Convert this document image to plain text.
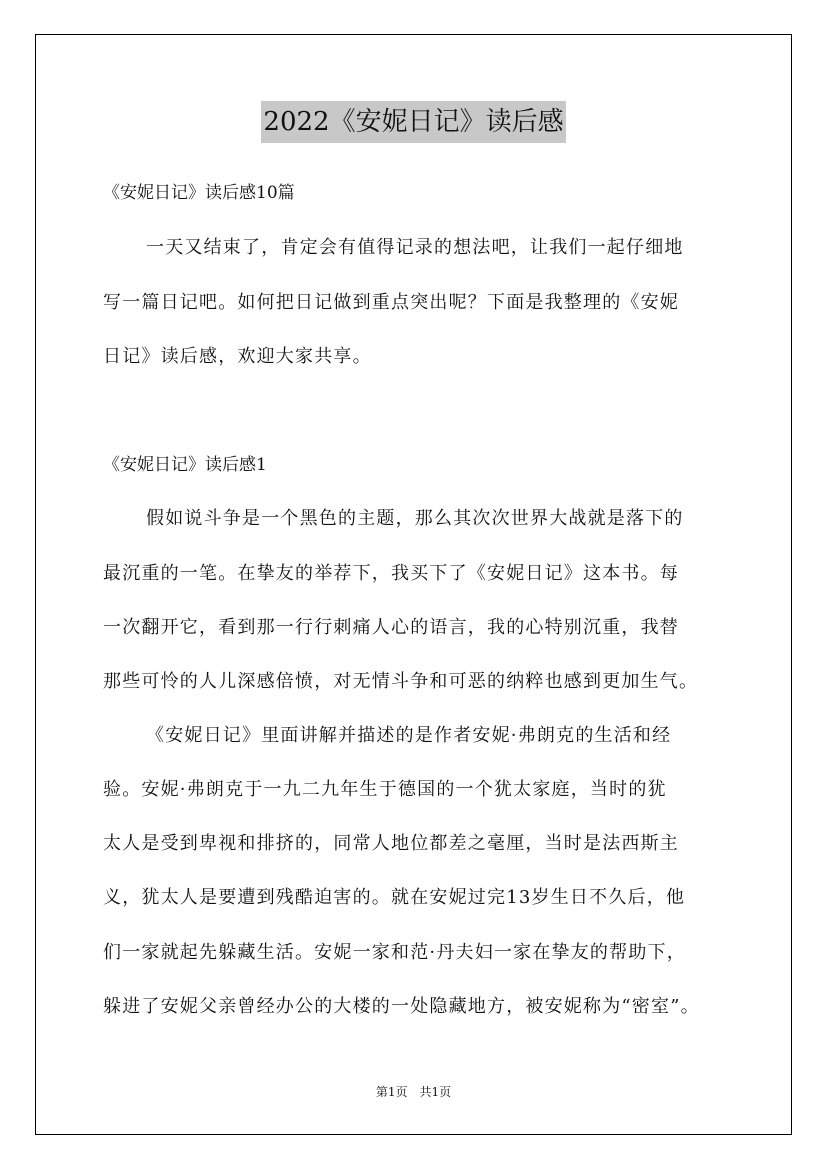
2022《安妮日记》读后感
《安妮日记》读后感10篇
一天又结束了，肯定会有值得记录的想法吧，让我们一起仔细地
写一篇日记吧。如何把日记做到重点突出呢？下面是我整理的《安妮
日记》读后感，欢迎大家共享。
《安妮日记》读后感1
假如说斗争是一个黑色的主题，那么其次次世界大战就是落下的
最沉重的一笔。在挚友的举荐下，我买下了《安妮日记》这本书。每
一次翻开它，看到那一行行刺痛人心的语言，我的心特别沉重，我替
那些可怜的人儿深感倍愤，对无情斗争和可恶的纳粹也感到更加生气。
《安妮日记》里面讲解并描述的是作者安妮·弗朗克的生活和经
验。安妮·弗朗克于一九二九年生于德国的一个犹太家庭，当时的犹
太人是受到卑视和排挤的，同常人地位都差之毫厘，当时是法西斯主
义，犹太人是要遭到残酷迫害的。就在安妮过完13岁生日不久后，他
们一家就起先躲藏生活。安妮一家和范·丹夫妇一家在挚友的帮助下，
躲进了安妮父亲曾经办公的大楼的一处隐藏地方，被安妮称为“密室”。
第1页　共1页
